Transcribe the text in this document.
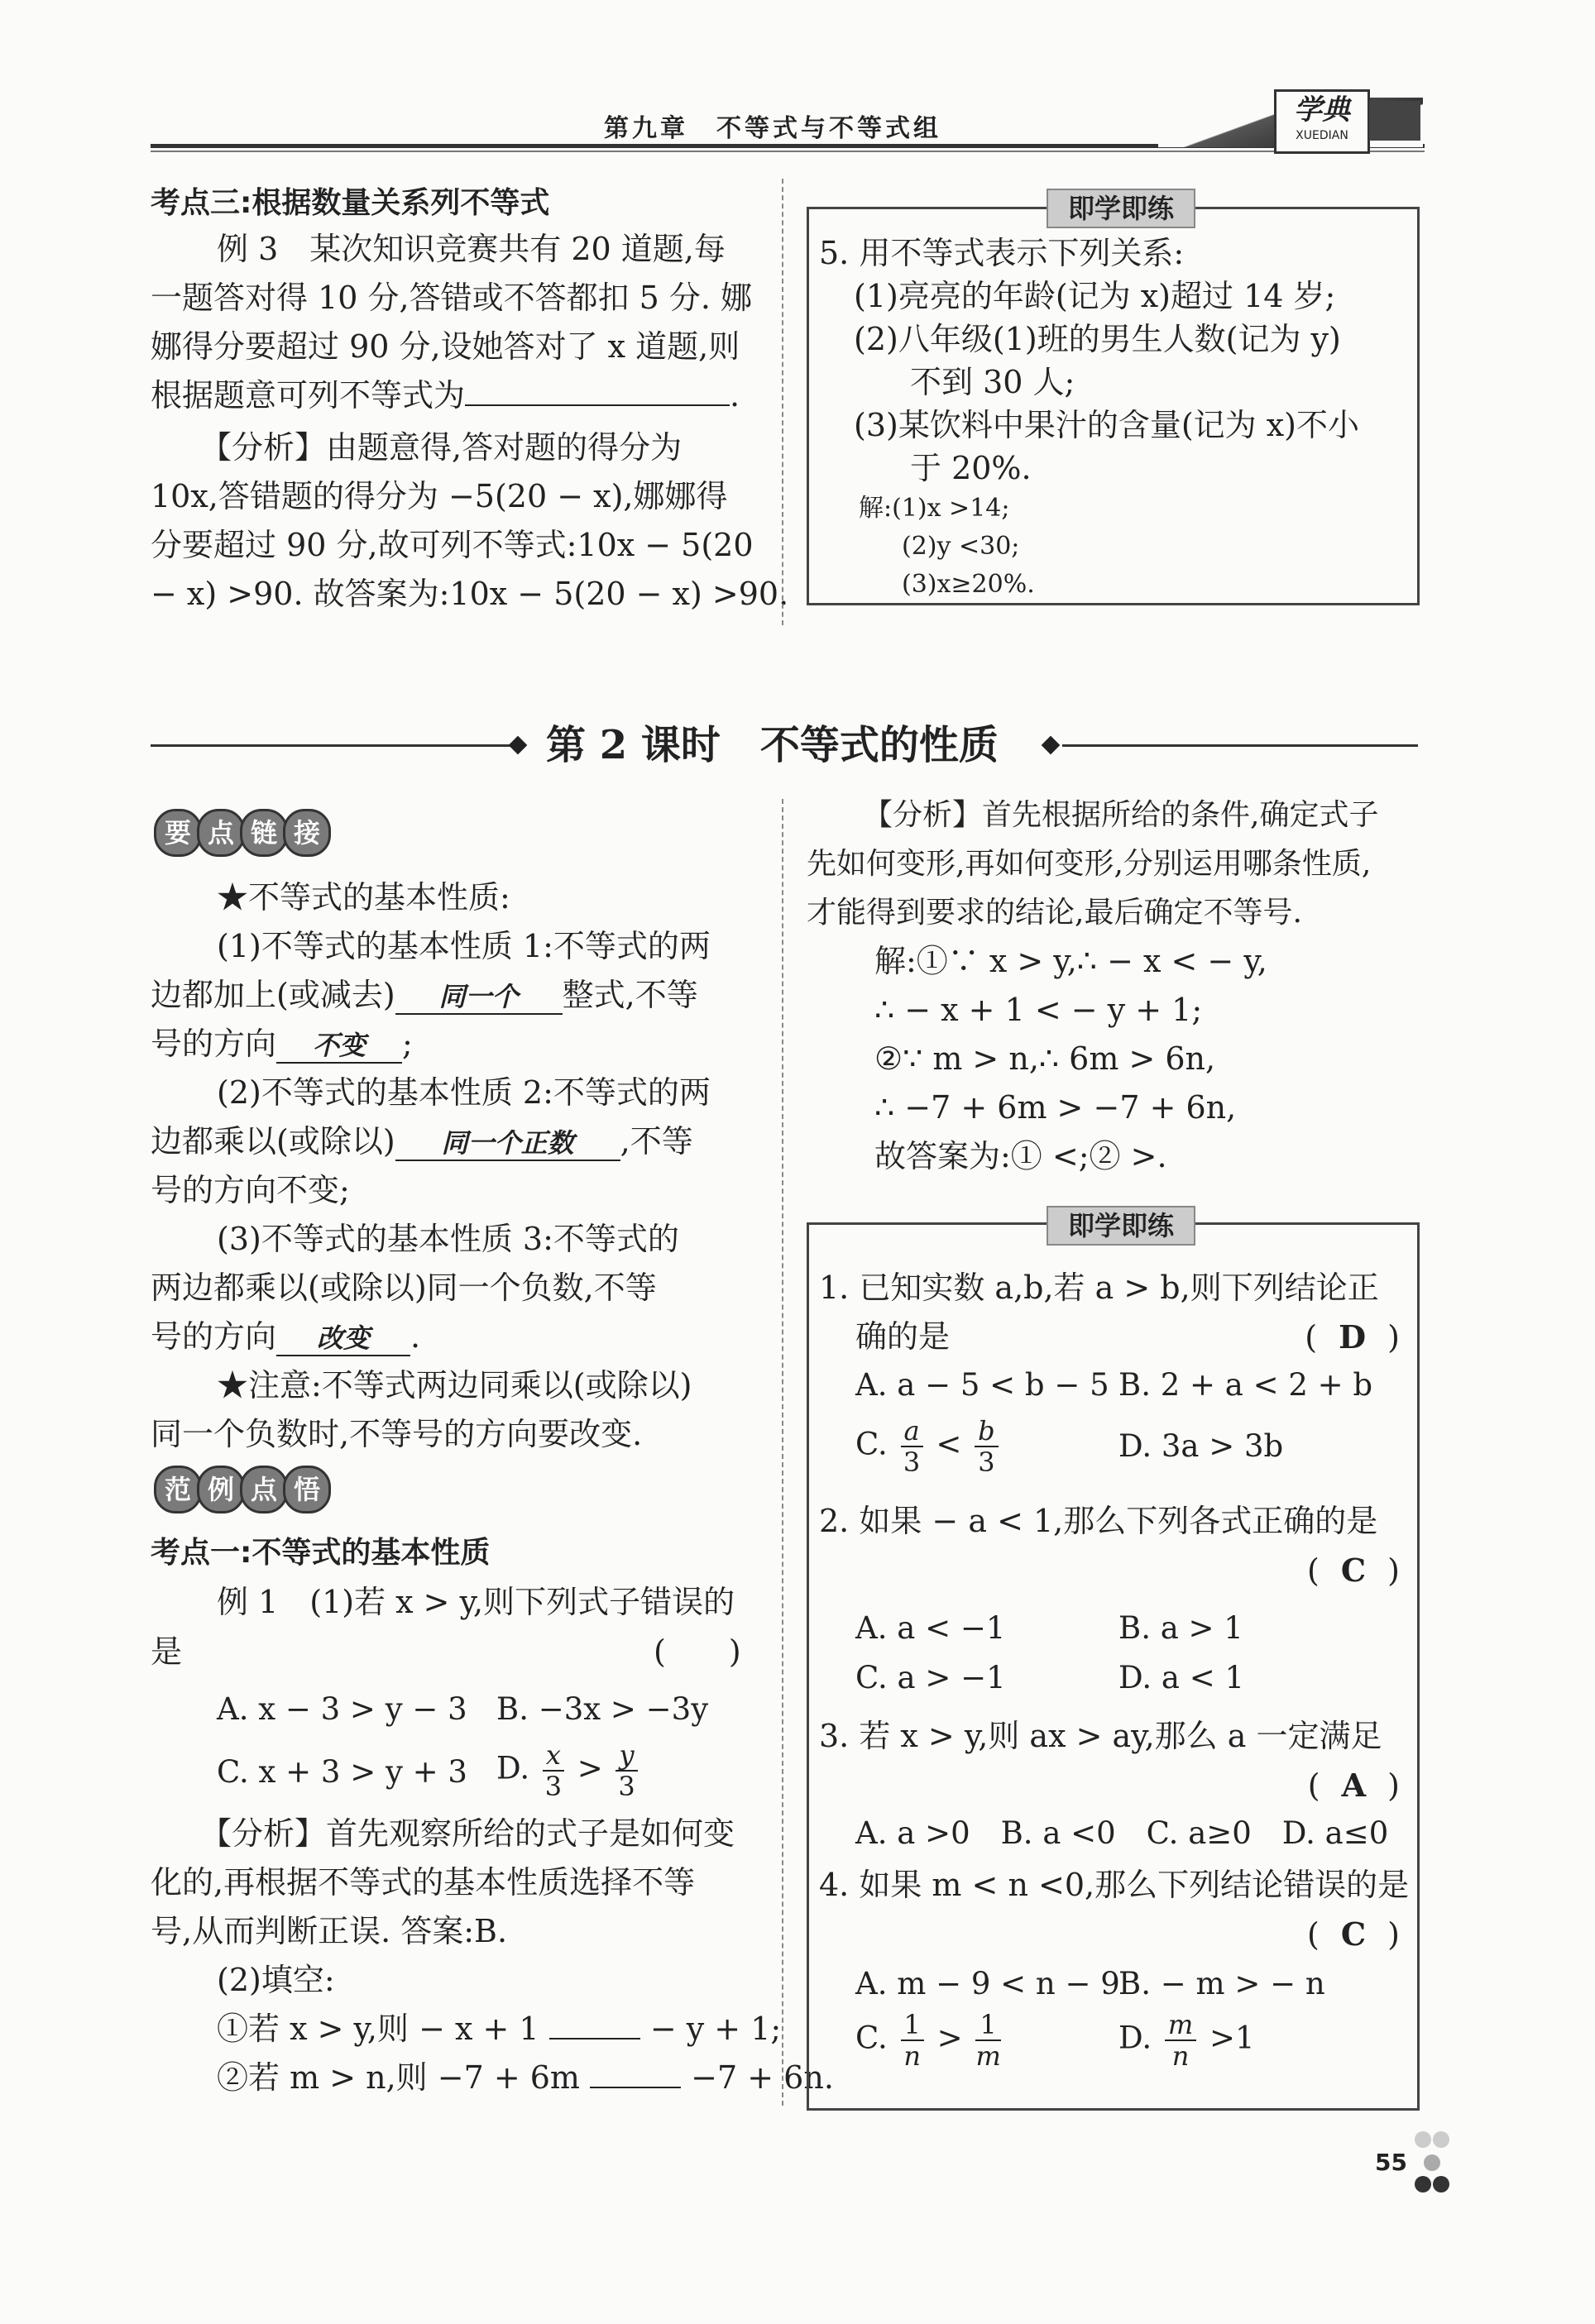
第九章　不等式与不等式组
学典
XUEDIAN
考点三:根据数量关系列不等式
例 3　某次知识竞赛共有 20 道题,每
一题答对得 10 分,答错或不答都扣 5 分. 娜
娜得分要超过 90 分,设她答对了 x 道题,则
根据题意可列不等式为	.
【分析】由题意得,答对题的得分为
10x,答错题的得分为 −5(20 − x),娜娜得
分要超过 90 分,故可列不等式:10x − 5(20
− x) >90. 故答案为:10x − 5(20 − x) >90.
即学即练
5. 用不等式表示下列关系:
(1)亮亮的年龄(记为 x)超过 14 岁;
(2)八年级(1)班的男生人数(记为 y)
不到 30 人;
(3)某饮料中果汁的含量(记为 x)不小
于 20%.
解:(1)x >14;
(2)y <30;
(3)x≥20%.
第 2 课时　不等式的性质
要 点 链 接
★不等式的基本性质:
(1)不等式的基本性质 1:不等式的两
边都加上(或减去) 同一个 整式,不等
号的方向 不变 ;
(2)不等式的基本性质 2:不等式的两
边都乘以(或除以) 同一个正数 ,不等
号的方向不变;
(3)不等式的基本性质 3:不等式的
两边都乘以(或除以)同一个负数,不等
号的方向 改变 .
★注意:不等式两边同乘以(或除以)
同一个负数时,不等号的方向要改变.
范 例 点 悟
考点一:不等式的基本性质
例 1　(1)若 x > y,则下列式子错误的
是	(　　)
A. x − 3 > y − 3 B. −3x > −3y
C. x + 3 > y + 3 D. $\frac{x}{3} > \frac{y}{3}$
【分析】首先观察所给的式子是如何变
化的,再根据不等式的基本性质选择不等
号,从而判断正误. 答案:B.
(2)填空:
①若 x > y,则 − x + 1	− y + 1;
②若 m > n,则 −7 + 6m	−7 + 6n.
【分析】首先根据所给的条件,确定式子
先如何变形,再如何变形,分别运用哪条性质,
才能得到要求的结论,最后确定不等号.
解:①∵ x > y,∴ − x < − y,
∴ − x + 1 < − y + 1;
②∵ m > n,∴ 6m > 6n,
∴ −7 + 6m > −7 + 6n,
故答案为:① <;② >.
即学即练
1. 已知实数 a,b,若 a > b,则下列结论正
确的是	( D )
A. a − 5 < b − 5 B. 2 + a < 2 + b
C. $\frac{a}{3} < \frac{b}{3}$	D. 3a > 3b
2. 如果 − a < 1,那么下列各式正确的是
( C )
A. a < −1	B. a > 1
C. a > −1	D. a < 1
3. 若 x > y,则 ax > ay,那么 a 一定满足
( A )
A. a >0　B. a <0　C. a≥0　D. a≤0
4. 如果 m < n <0,那么下列结论错误的是
( C )
A. m − 9 < n − 9
B. − m > − n
C. $\frac{1}{n} > \frac{1}{m}$	D. $\frac{m}{n} >1$
55
